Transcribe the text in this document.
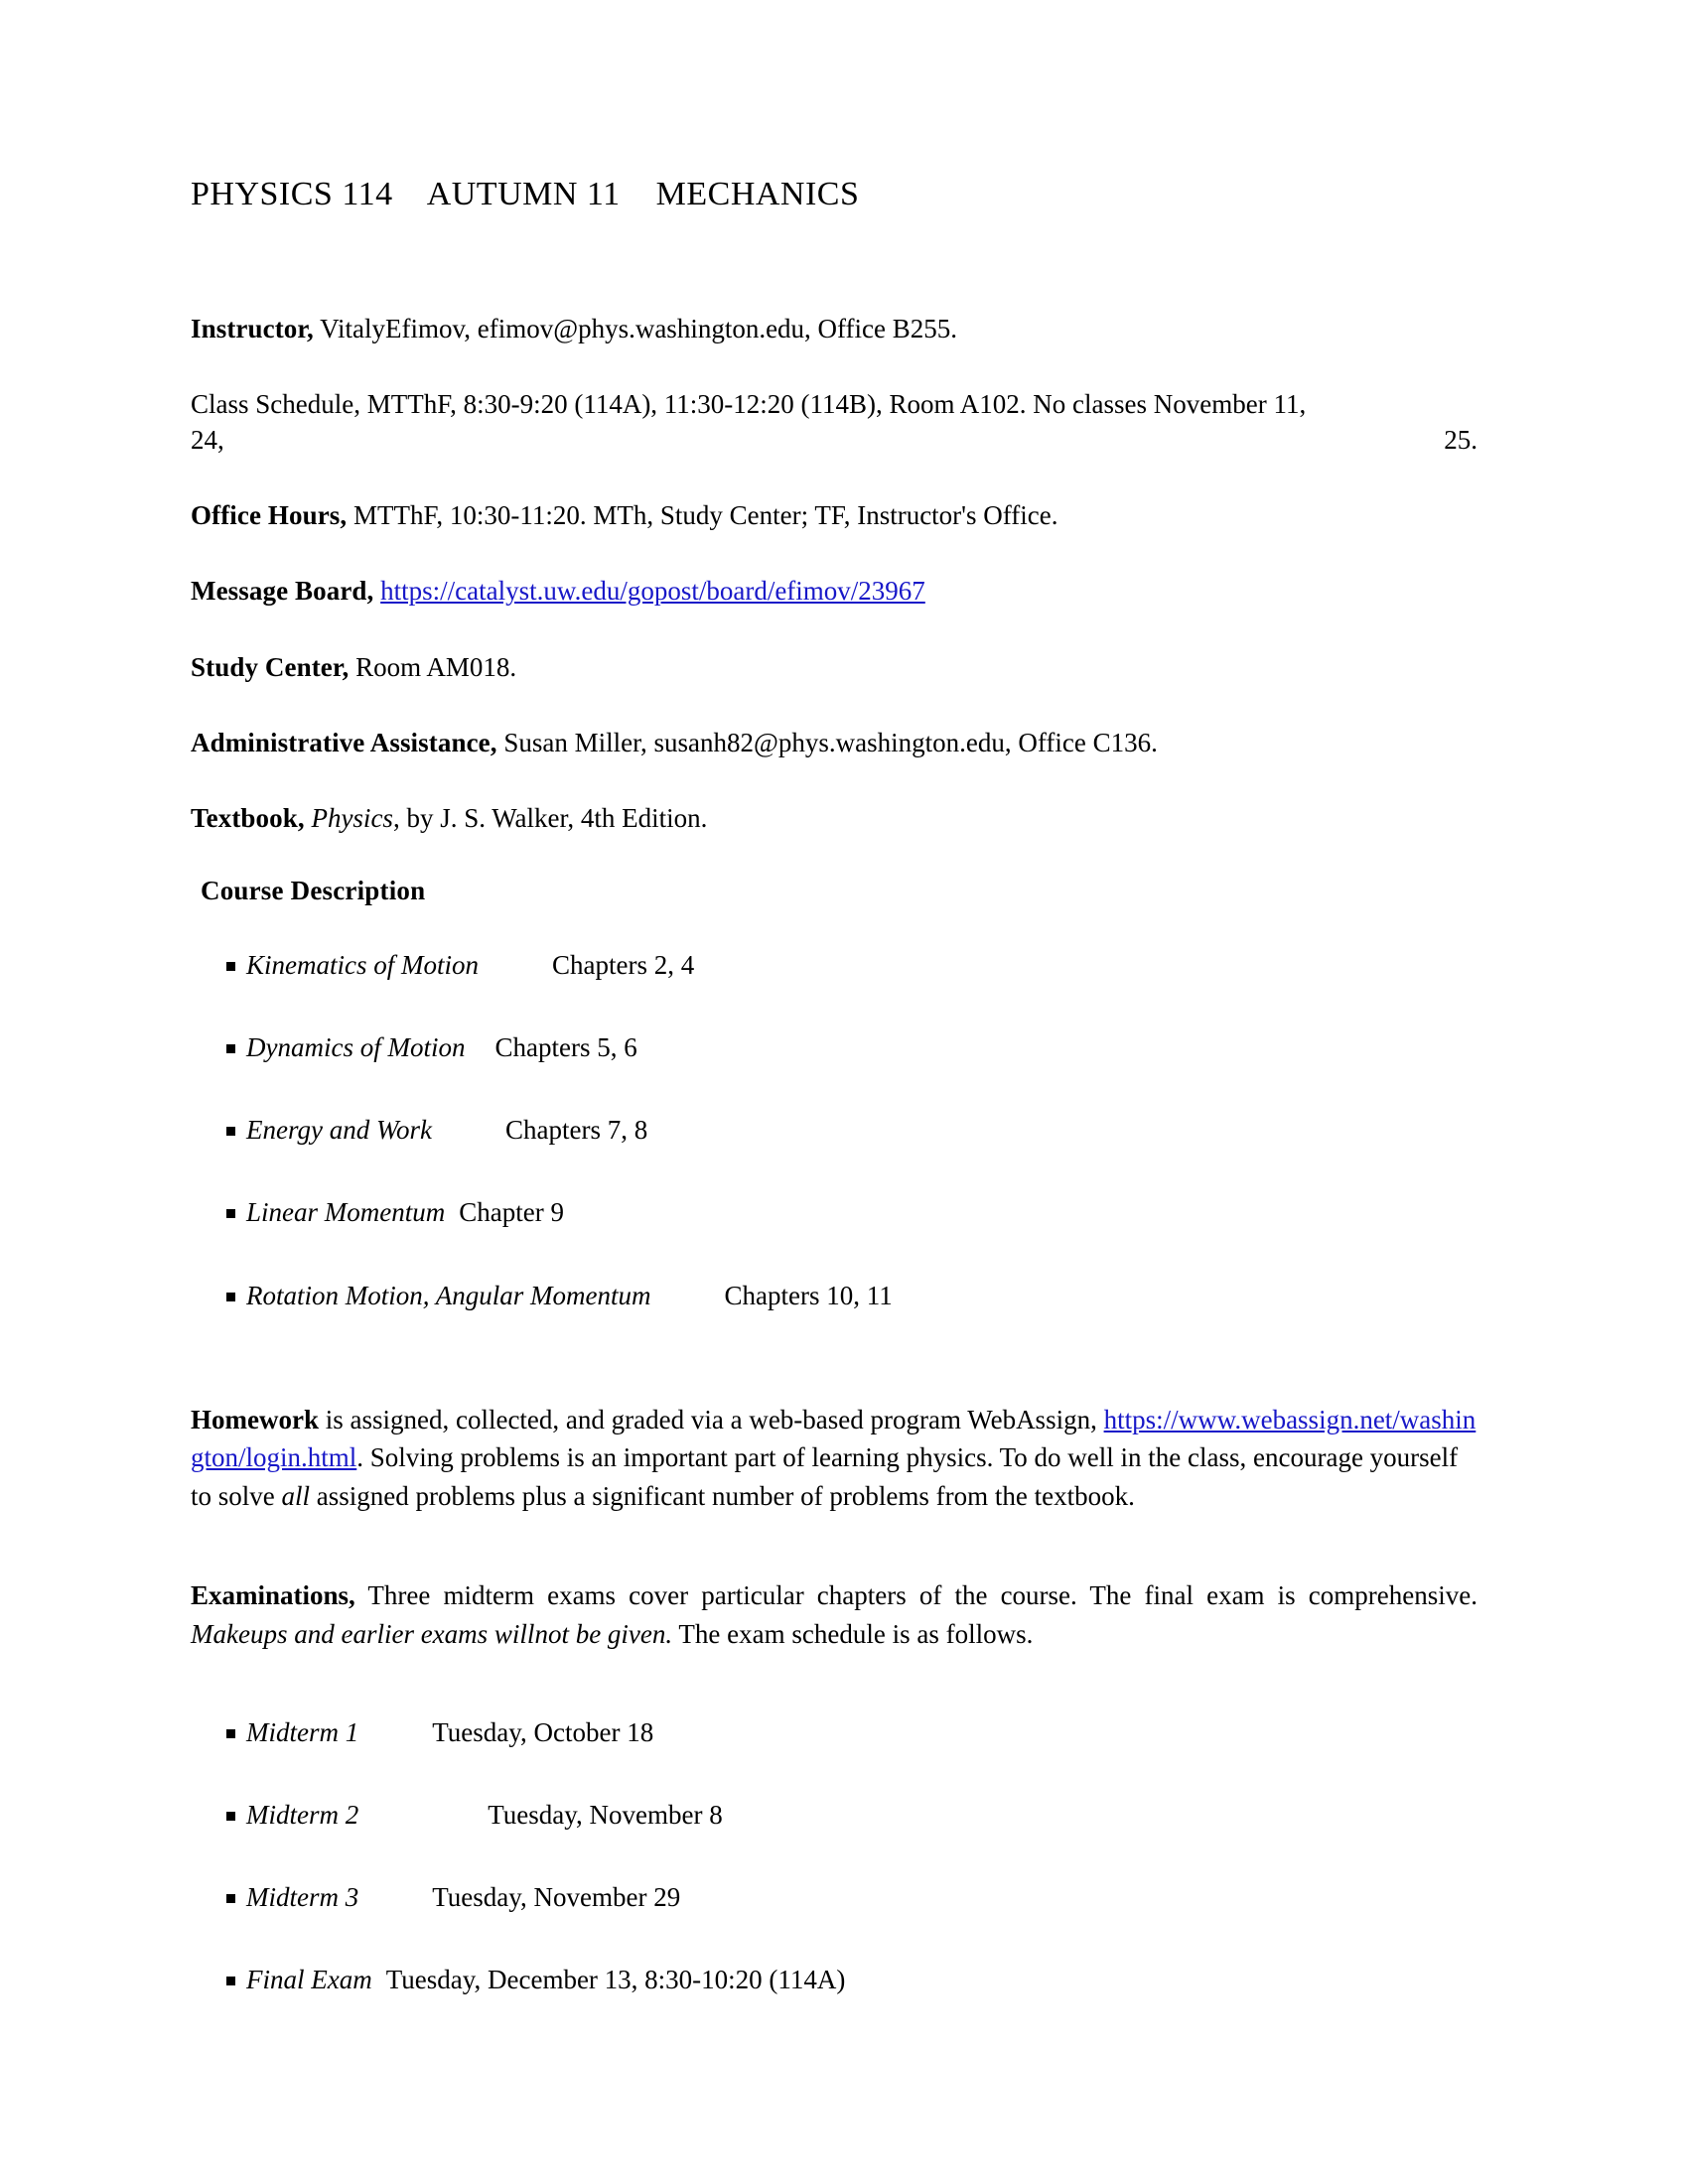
PHYSICS 114    AUTUMN 11    MECHANICS

Instructor, VitalyEfimov, efimov@phys.washington.edu, Office B255.

Class Schedule, MTThF, 8:30-9:20 (114A), 11:30-12:20 (114B), Room A102. No classes November 11,
24,	25.

Office Hours, MTThF, 10:30-11:20. MTh, Study Center; TF, Instructor's Office.

Message Board, https://catalyst.uw.edu/gopost/board/efimov/23967

Study Center, Room AM018.

Administrative Assistance, Susan Miller, susanh82@phys.washington.edu, Office C136.

Textbook, Physics, by J. S. Walker, 4th Edition.

Course Description
Kinematics of Motion	Chapters 2, 4
Dynamics of Motion Chapters 5, 6
Energy and Work	Chapters 7, 8
Linear Momentum Chapter 9
Rotation Motion, Angular Momentum	Chapters 10, 11

Homework is assigned, collected, and graded via a web-based program WebAssign, https://www.webassign.net/washington/login.html. Solving problems is an important part of learning physics. To do well in the class, encourage yourself to solve all assigned problems plus a significant number of problems from the textbook.

Examinations, Three midterm exams cover particular chapters of the course. The final exam is comprehensive. Makeups and earlier exams willnot be given. The exam schedule is as follows.

Midterm 1	Tuesday, October 18
Midterm 2	Tuesday, November 8
Midterm 3	Tuesday, November 29
Final Exam Tuesday, December 13, 8:30-10:20 (114A)
